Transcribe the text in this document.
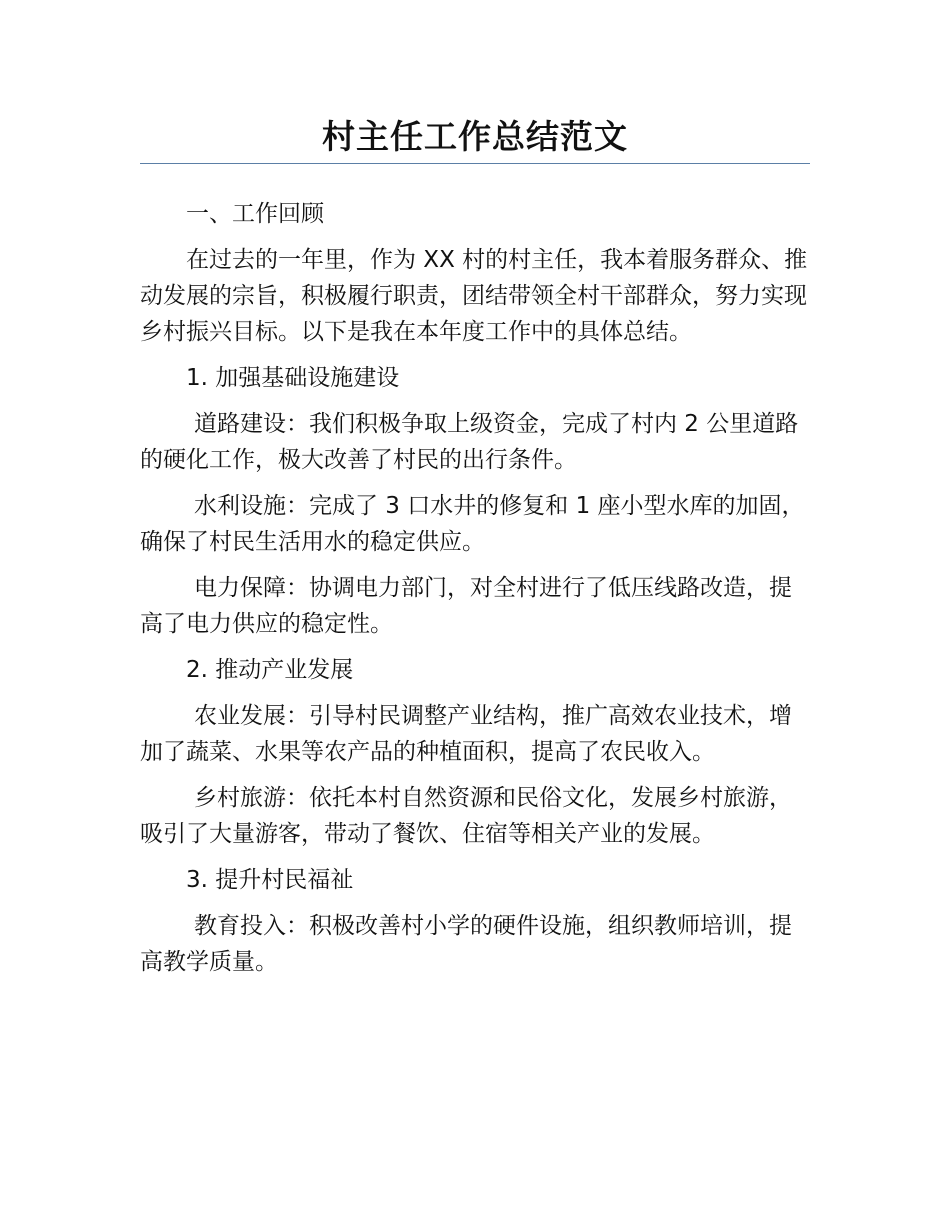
村主任工作总结范文

一、工作回顾

在过去的一年里，作为 XX 村的村主任，我本着服务群众、推动发展的宗旨，积极履行职责，团结带领全村干部群众，努力实现乡村振兴目标。以下是我在本年度工作中的具体总结。

1. 加强基础设施建设

道路建设：我们积极争取上级资金，完成了村内 2 公里道路的硬化工作，极大改善了村民的出行条件。

水利设施：完成了 3 口水井的修复和 1 座小型水库的加固，确保了村民生活用水的稳定供应。

电力保障：协调电力部门，对全村进行了低压线路改造，提高了电力供应的稳定性。

2. 推动产业发展

农业发展：引导村民调整产业结构，推广高效农业技术，增加了蔬菜、水果等农产品的种植面积，提高了农民收入。

乡村旅游：依托本村自然资源和民俗文化，发展乡村旅游，吸引了大量游客，带动了餐饮、住宿等相关产业的发展。

3. 提升村民福祉

教育投入：积极改善村小学的硬件设施，组织教师培训，提高教学质量。
